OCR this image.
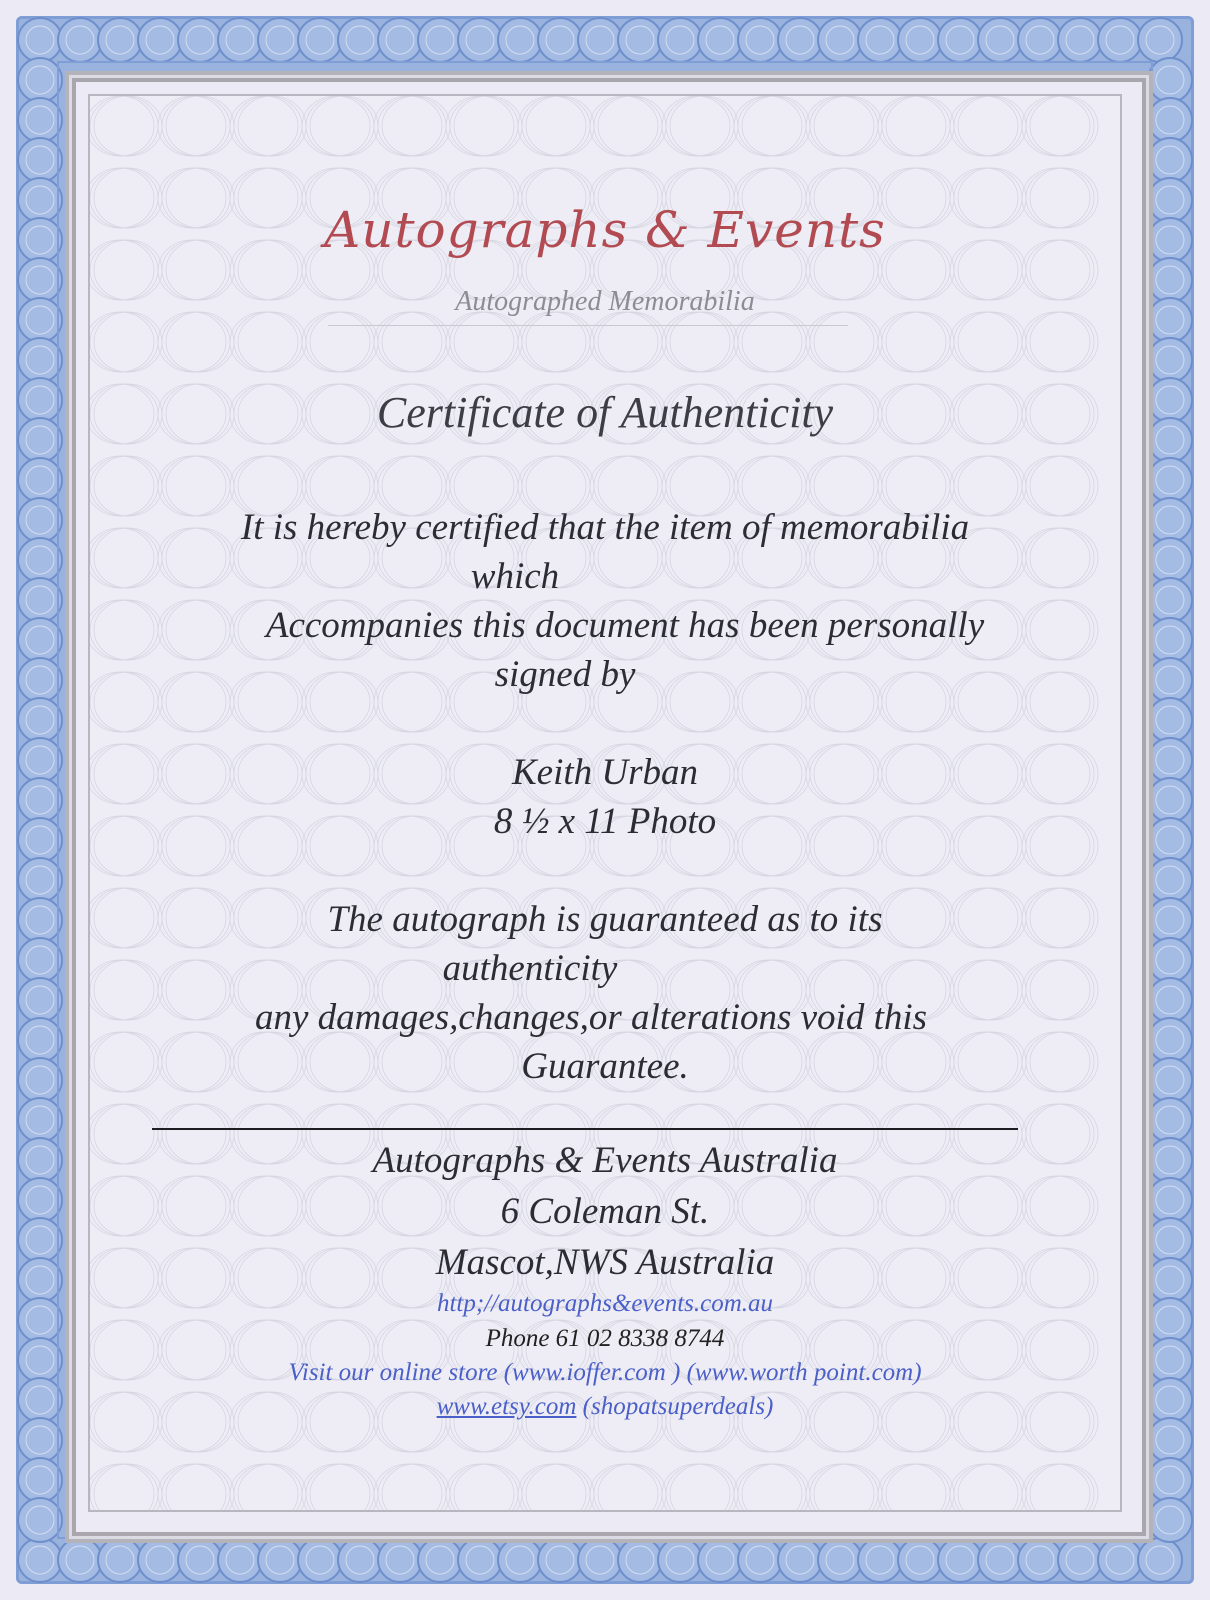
Autographs & Events
Autographed Memorabilia
Certificate of Authenticity
It is hereby certified that the item of memorabilia
which
Accompanies this document has been personally
signed by
Keith Urban
8 ½ x 11 Photo
The autograph is guaranteed as to its
authenticity
any damages,changes,or alterations void this
Guarantee.
Autographs & Events Australia
6 Coleman St.
Mascot,NWS Australia
http;//autographs&events.com.au
Phone 61 02 8338 8744
Visit our online store (www.ioffer.com ) (www.worth point.com)
www.etsy.com (shopatsuperdeals)
